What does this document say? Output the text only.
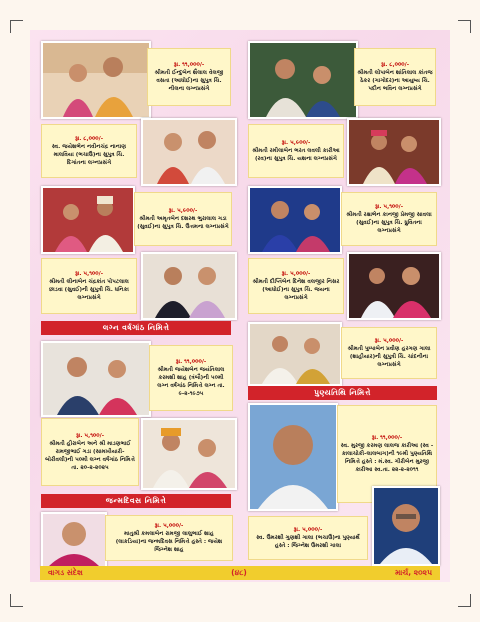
રૂા. ૧૧,૦૦૦/-
શ્રીમતી ઈન્દુબેન શૈલાલ વેલજી વસતા (આધોઈ)ના સુપુત્ર ચિ. નીલના લગ્નપ્રસંગે
રૂા. ૮,૦૦૦/-
શ્રીમતી લોપાબેન શાંતિલાલ કાંતજ ઠેકર (ગાગોદર)ના આયુષ્ય ચિ. પદીન ભવિન લગ્નપ્રસંગે
રૂા. ૮,૦૦૦/-
સ્વ. જયેશભેન નવીનચંદ્ર નાનાણ માલવિયા (ભચાઉ)ના સુપુત્ર ચિ. દિગાંતના લગ્નપ્રસંગે
રૂા. ૫,૯૦૦/-
શ્રીમતી રમીલાબેન ભરત લવલી કારીઆ (રવ)ના સુપુત્ર ચિ. યશના લગ્નપ્રસંગે
રૂા. ૫,૯૦૦/-
શ્રીમતી અમૃતબેન દશરથ ભુરાલાલ ગડા (સુવઈ)ના સુપુત્ર ચિ. ઉત્તમના લગ્નપ્રસંગે
રૂા. ૫,૧૦૦/-
શ્રીમતી રક્ષાભેન કાનજી પ્રેમજી સાવલા (સુવઈ)ના સુપુત્ર ચિ. ધ્રુવિતના લગ્નપ્રસંગે
રૂા. ૫,૧૦૦/-
શ્રીમતી લીનાબેન ચંદ્રકાંત પોપટલાલ છાડવા (સુવઈ)ની સુપુત્રી ચિ. ધનિકા લગ્નપ્રસંગે
રૂા. ૫,૦૦૦/-
શ્રીમતી દીપ્તિબેન દિનેશ વલજીર નિસર (આધોઈ)ના સુપુત્ર ચિ. જયના લગ્નપ્રસંગે
લગ્ન વર્ષગાંઠ નિમિત્તે
રૂા. ૫,૦૦૦/-
શ્રીમતી પુષ્પાબેન પ્રવીણ હરગણ ગાલા (શાહીયાર)ની સુપુત્રી ચિ. ચાંદનીના લગ્નપ્રસંગે
રૂા. ૧૧,૦૦૦/-
શ્રીમતી જયેશબેન જયંતિલાલ કરમશી શાહ (ત્રંબૌ)ની ૫૦મી લગ્ન વર્ષગાંઠ નિમિત્તે લગ્ન તા. ૯-૨-૧૯૭૫	પુણ્યતિથિ નિમિત્તે
રૂા. ૧૧,૦૦૦/-
સ્વ. મુરજી કરમણ લાલજ કારીઆ (સ્વ - કાલાચોકી-લાલબાગ)ની ૧૯મી પુણ્યતિથિ નિમિત્તે હસ્તે : મં.સ્વ. ગીરીબેન મુરજી કારીઆ સ્વ.તા. ૨૨-૨-૨૦૧૧
રૂા. ૫,૧૦૦/-
શ્રીમતી હીરાબેન અને શ્રી માડણભાઈ રામજીભાઈ ગડા (સામખીયારી-બોરીવલી)ની ૫૦મી લગ્ન વર્ષગાંઠ નિમિત્તે તા. ૨૦-૨-૨૦૨૫
જન્મદિવસ નિમિત્તે
રૂા. ૫,૦૦૦/-
માતુશ્રી કમલાબેન રામજી લાલુભાઈ શાહ (લાકડિયા)ના જન્મદિવસ નિમિત્તે હસ્તે : જયેશ જિગ્નેશ શાહ
રૂા. ૫,૦૦૦/-
સ્વ. ઉમરશી ગુણશી ગાલા (ભચાઉ)ના પુણ્યાર્થે હસ્તે : જિગ્નેશ ઉમરશી ગાલા
વાગડ સંદેશ	(૪૮)	માર્ચ, ૨૦૨૫
